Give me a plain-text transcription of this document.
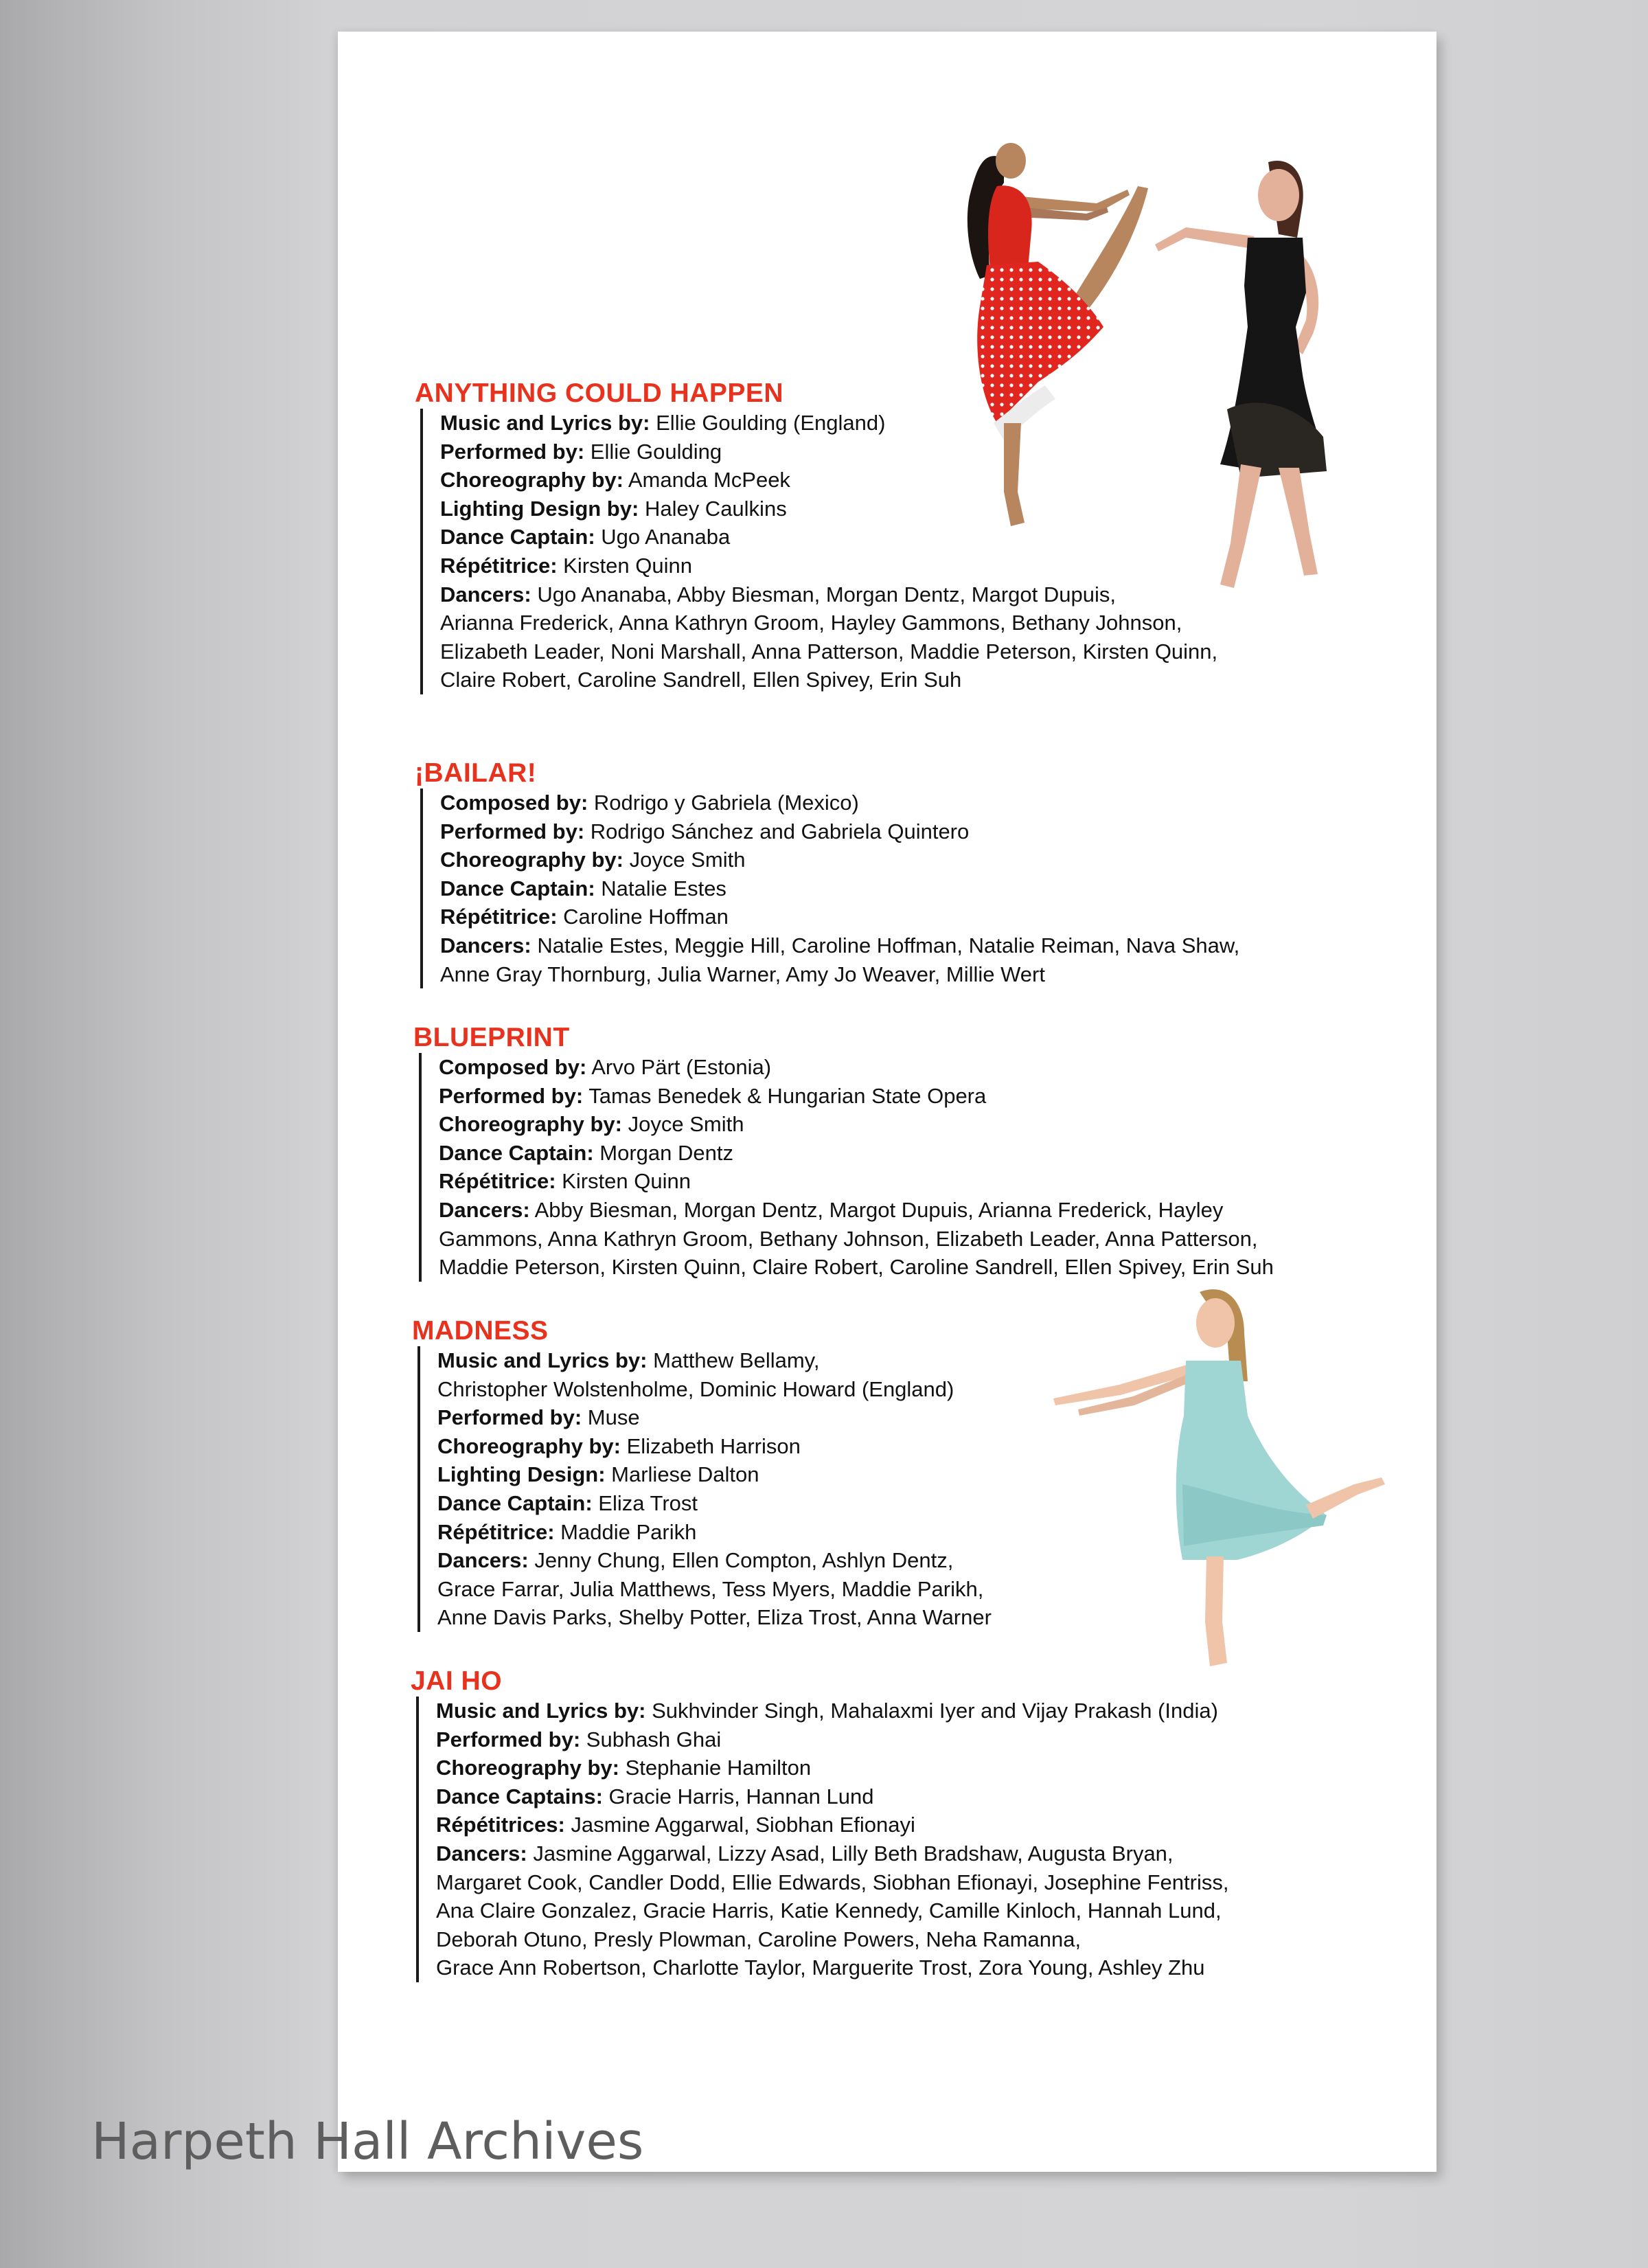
ANYTHING COULD HAPPEN

Music and Lyrics by: Ellie Goulding (England)

Performed by: Ellie Goulding

Choreography by: Amanda McPeek

Lighting Design by: Haley Caulkins

Dance Captain: Ugo Ananaba

Répétitrice: Kirsten Quinn

Dancers: Ugo Ananaba, Abby Biesman, Morgan Dentz, Margot Dupuis,

Arianna Frederick, Anna Kathryn Groom, Hayley Gammons, Bethany Johnson,

Elizabeth Leader, Noni Marshall, Anna Patterson, Maddie Peterson, Kirsten Quinn,

Claire Robert, Caroline Sandrell, Ellen Spivey, Erin Suh

¡BAILAR!

Composed by: Rodrigo y Gabriela (Mexico)

Performed by: Rodrigo Sánchez and Gabriela Quintero

Choreography by: Joyce Smith

Dance Captain: Natalie Estes

Répétitrice: Caroline Hoffman

Dancers: Natalie Estes, Meggie Hill, Caroline Hoffman, Natalie Reiman, Nava Shaw,

Anne Gray Thornburg, Julia Warner, Amy Jo Weaver, Millie Wert

BLUEPRINT

Composed by: Arvo Pärt (Estonia)

Performed by: Tamas Benedek & Hungarian State Opera

Choreography by: Joyce Smith

Dance Captain: Morgan Dentz

Répétitrice: Kirsten Quinn

Dancers: Abby Biesman, Morgan Dentz, Margot Dupuis, Arianna Frederick, Hayley

Gammons, Anna Kathryn Groom, Bethany Johnson, Elizabeth Leader, Anna Patterson,

Maddie Peterson, Kirsten Quinn, Claire Robert, Caroline Sandrell, Ellen Spivey, Erin Suh

MADNESS

Music and Lyrics by: Matthew Bellamy,

Christopher Wolstenholme, Dominic Howard (England)

Performed by: Muse

Choreography by: Elizabeth Harrison

Lighting Design: Marliese Dalton

Dance Captain: Eliza Trost

Répétitrice: Maddie Parikh

Dancers: Jenny Chung, Ellen Compton, Ashlyn Dentz,

Grace Farrar, Julia Matthews, Tess Myers, Maddie Parikh,

Anne Davis Parks, Shelby Potter, Eliza Trost, Anna Warner

JAI HO

Music and Lyrics by: Sukhvinder Singh, Mahalaxmi Iyer and Vijay Prakash (India)

Performed by: Subhash Ghai

Choreography by: Stephanie Hamilton

Dance Captains: Gracie Harris, Hannan Lund

Répétitrices: Jasmine Aggarwal, Siobhan Efionayi

Dancers: Jasmine Aggarwal, Lizzy Asad, Lilly Beth Bradshaw, Augusta Bryan,

Margaret Cook, Candler Dodd, Ellie Edwards, Siobhan Efionayi, Josephine Fentriss,

Ana Claire Gonzalez, Gracie Harris, Katie Kennedy, Camille Kinloch, Hannah Lund,

Deborah Otuno, Presly Plowman, Caroline Powers, Neha Ramanna,

Grace Ann Robertson, Charlotte Taylor, Marguerite Trost, Zora Young, Ashley Zhu

Harpeth Hall Archives
